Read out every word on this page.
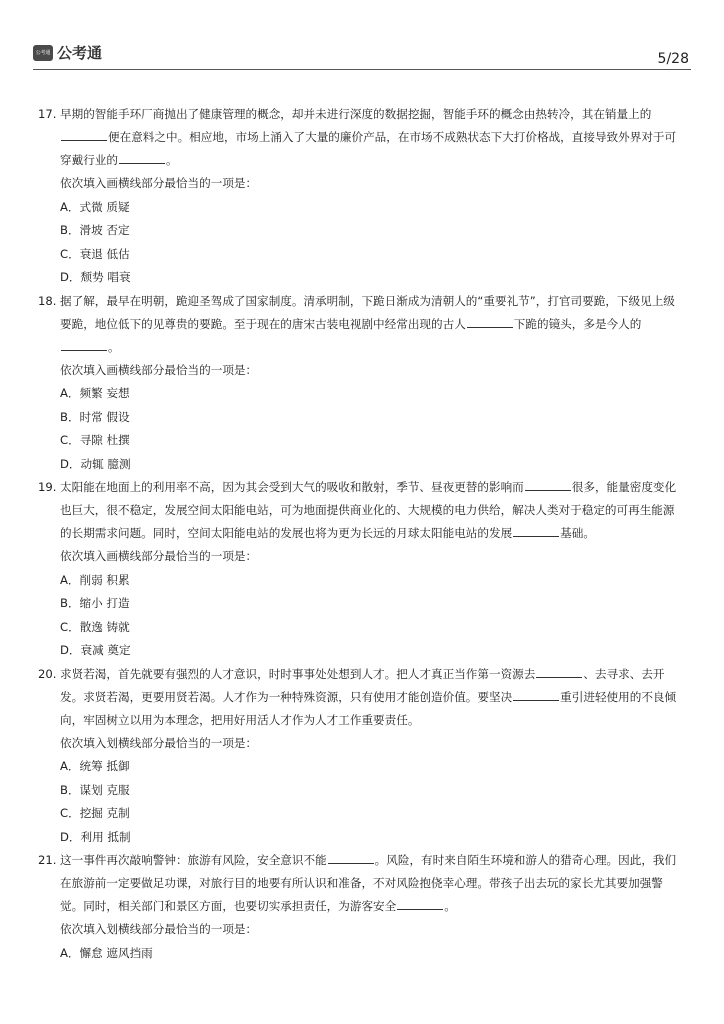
公考通 公考通	5/28
17. 早期的智能手环厂商抛出了健康管理的概念，却并未进行深度的数据挖掘，智能手环的概念由热转冷，其在销量上的
便在意料之中。相应地，市场上涌入了大量的廉价产品，在市场不成熟状态下大打价格战，直接导致外界对于可
穿戴行业的	。
依次填入画横线部分最恰当的一项是：
A．式微 质疑
B．滑坡 否定
C．衰退 低估
D．颓势 唱衰
18. 据了解，最早在明朝，跪迎圣驾成了国家制度。清承明制，下跪日渐成为清朝人的“重要礼节”，打官司要跪，下级见上级
要跪，地位低下的见尊贵的要跪。至于现在的唐宋古装电视剧中经常出现的古人	下跪的镜头，多是今人的
。
依次填入画横线部分最恰当的一项是：
A．频繁 妄想
B．时常 假设
C．寻隙 杜撰
D．动辄 臆测
19. 太阳能在地面上的利用率不高，因为其会受到大气的吸收和散射，季节、昼夜更替的影响而	很多，能量密度变化
也巨大，很不稳定，发展空间太阳能电站，可为地面提供商业化的、大规模的电力供给，解决人类对于稳定的可再生能源
的长期需求问题。同时，空间太阳能电站的发展也将为更为长远的月球太阳能电站的发展	基础。
依次填入画横线部分最恰当的一项是：
A．削弱 积累
B．缩小 打造
C．散逸 铸就
D．衰减 奠定
20. 求贤若渴，首先就要有强烈的人才意识，时时事事处处想到人才。把人才真正当作第一资源去	、去寻求、去开
发。求贤若渴，更要用贤若渴。人才作为一种特殊资源，只有使用才能创造价值。要坚决	重引进轻使用的不良倾
向，牢固树立以用为本理念，把用好用活人才作为人才工作重要责任。
依次填入划横线部分最恰当的一项是：
A．统筹 抵御
B．谋划 克服
C．挖掘 克制
D．利用 抵制
21. 这一事件再次敲响警钟：旅游有风险，安全意识不能	。风险，有时来自陌生环境和游人的猎奇心理。因此，我们
在旅游前一定要做足功课，对旅行目的地要有所认识和准备，不对风险抱侥幸心理。带孩子出去玩的家长尤其要加强警
觉。同时，相关部门和景区方面，也要切实承担责任，为游客安全	。
依次填入划横线部分最恰当的一项是：
A．懈怠 遮风挡雨
